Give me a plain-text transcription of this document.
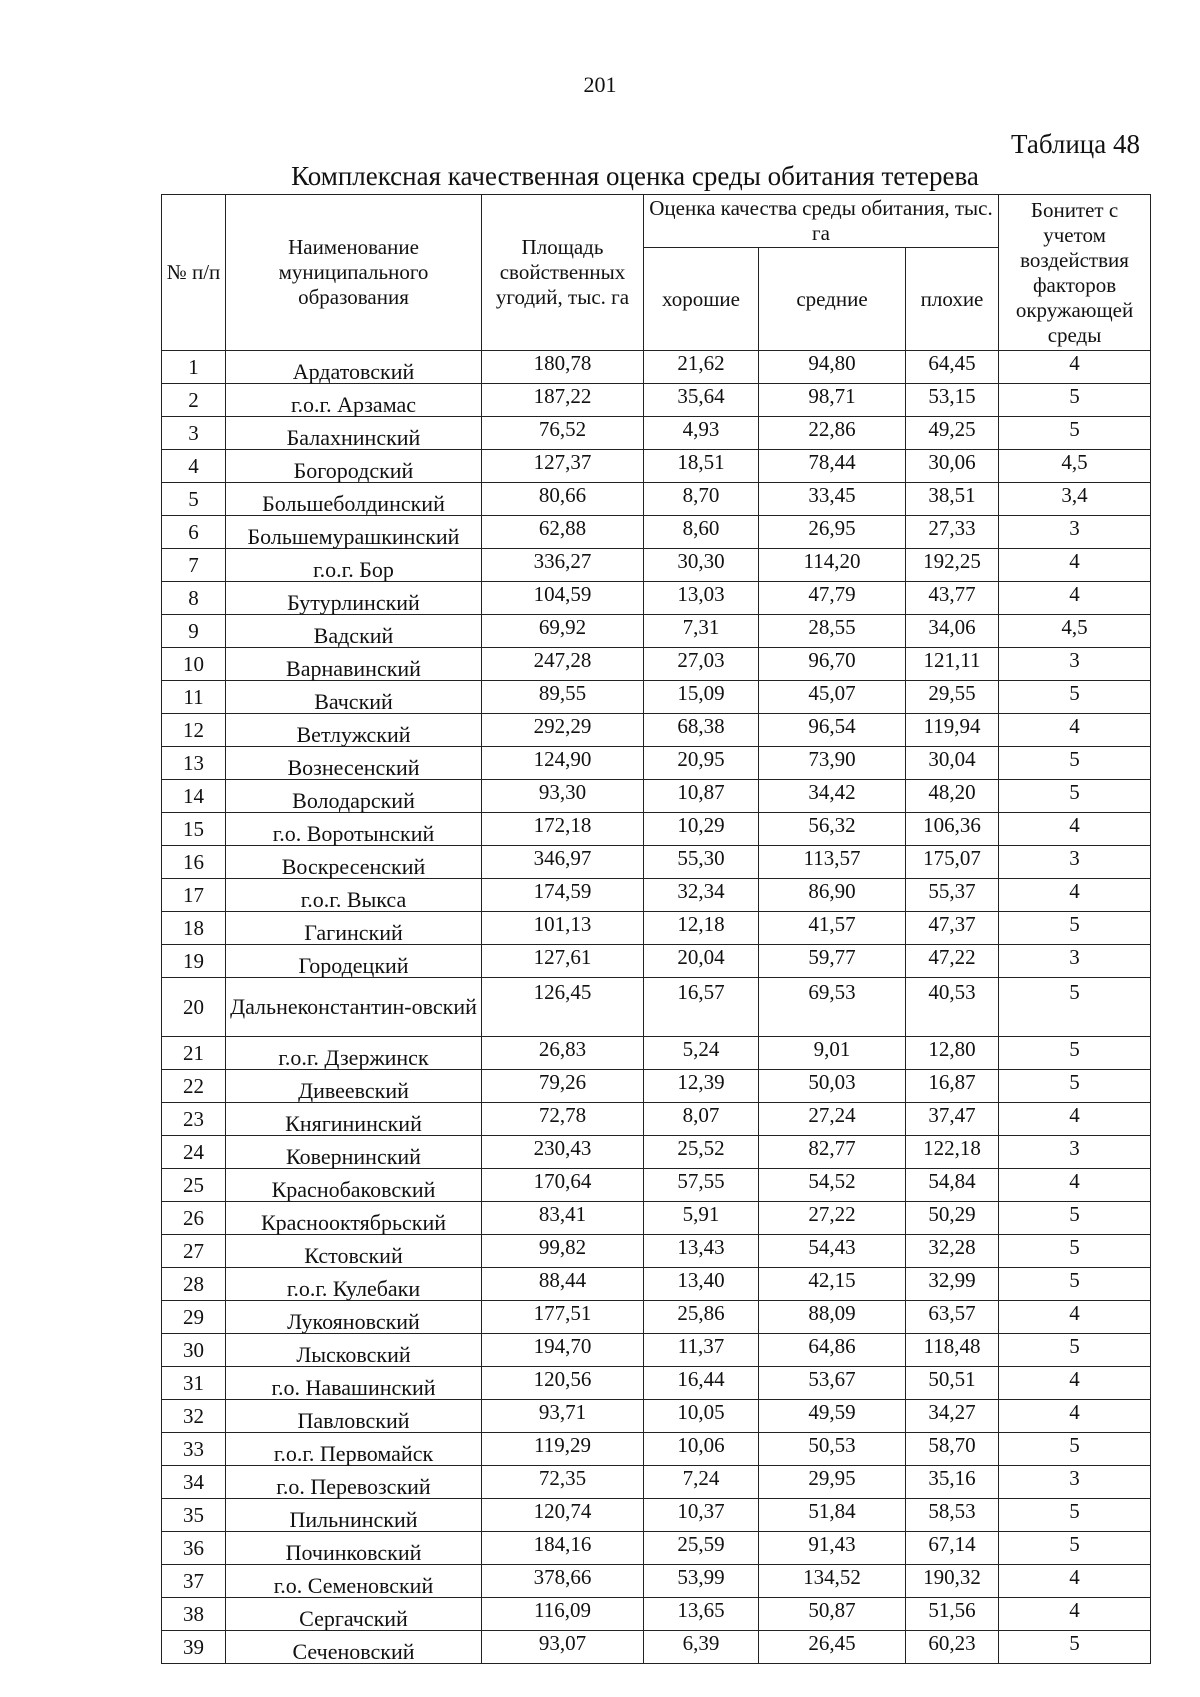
201
Таблица 48
Комплексная качественная оценка среды обитания тетерева
№ п/п	Наименование муниципального образования	Площадь свойственных угодий, тыс. га	Оценка качества среды обитания, тыс. га			Бонитет с учетом воздействия факторов окружающей среды
			хорошие	средние	плохие	
1	Ардатовский	180,78	21,62	94,80	64,45	4
2	г.о.г. Арзамас	187,22	35,64	98,71	53,15	5
3	Балахнинский	76,52	4,93	22,86	49,25	5
4	Богородский	127,37	18,51	78,44	30,06	4,5
5	Большеболдинский	80,66	8,70	33,45	38,51	3,4
6	Большемурашкинский	62,88	8,60	26,95	27,33	3
7	г.о.г. Бор	336,27	30,30	114,20	192,25	4
8	Бутурлинский	104,59	13,03	47,79	43,77	4
9	Вадский	69,92	7,31	28,55	34,06	4,5
10	Варнавинский	247,28	27,03	96,70	121,11	3
11	Вачский	89,55	15,09	45,07	29,55	5
12	Ветлужский	292,29	68,38	96,54	119,94	4
13	Вознесенский	124,90	20,95	73,90	30,04	5
14	Володарский	93,30	10,87	34,42	48,20	5
15	г.о. Воротынский	172,18	10,29	56,32	106,36	4
16	Воскресенский	346,97	55,30	113,57	175,07	3
17	г.о.г. Выкса	174,59	32,34	86,90	55,37	4
18	Гагинский	101,13	12,18	41,57	47,37	5
19	Городецкий	127,61	20,04	59,77	47,22	3
20	Дальнеконстантин-овский	126,45	16,57	69,53	40,53	5
21	г.о.г. Дзержинск	26,83	5,24	9,01	12,80	5
22	Дивеевский	79,26	12,39	50,03	16,87	5
23	Княгининский	72,78	8,07	27,24	37,47	4
24	Ковернинский	230,43	25,52	82,77	122,18	3
25	Краснобаковский	170,64	57,55	54,52	54,84	4
26	Краснооктябрьский	83,41	5,91	27,22	50,29	5
27	Кстовский	99,82	13,43	54,43	32,28	5
28	г.о.г. Кулебаки	88,44	13,40	42,15	32,99	5
29	Лукояновский	177,51	25,86	88,09	63,57	4
30	Лысковский	194,70	11,37	64,86	118,48	5
31	г.о. Навашинский	120,56	16,44	53,67	50,51	4
32	Павловский	93,71	10,05	49,59	34,27	4
33	г.о.г. Первомайск	119,29	10,06	50,53	58,70	5
34	г.о. Перевозский	72,35	7,24	29,95	35,16	3
35	Пильнинский	120,74	10,37	51,84	58,53	5
36	Починковский	184,16	25,59	91,43	67,14	5
37	г.о. Семеновский	378,66	53,99	134,52	190,32	4
38	Сергачский	116,09	13,65	50,87	51,56	4
39	Сеченовский	93,07	6,39	26,45	60,23	5
